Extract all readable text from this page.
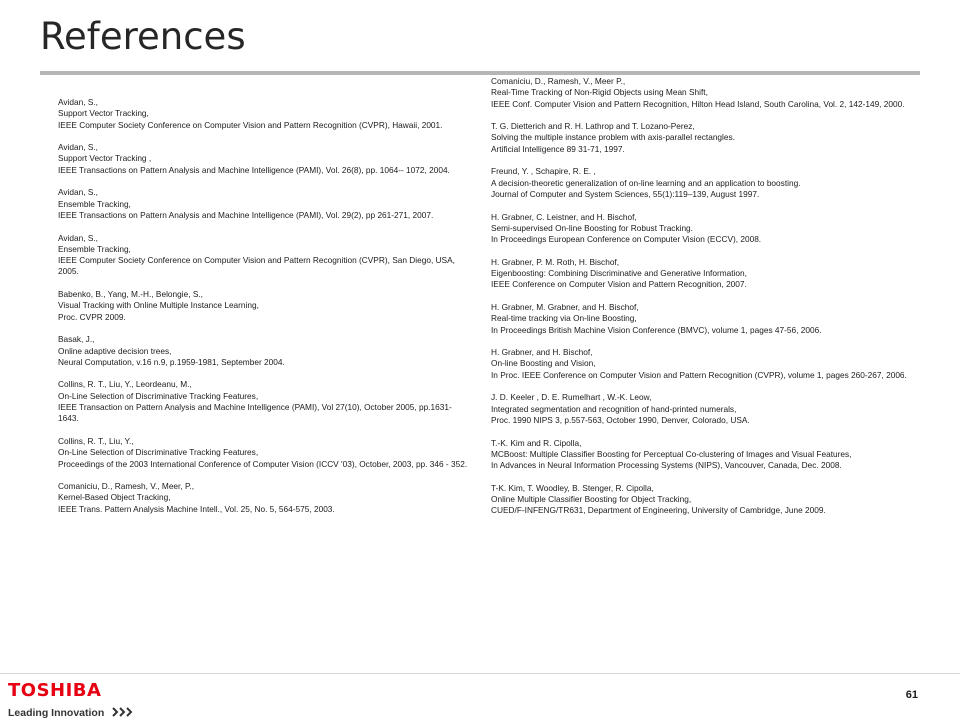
References
Avidan, S.,
Support Vector Tracking,
IEEE Computer Society Conference on Computer Vision and Pattern Recognition (CVPR), Hawaii, 2001.
Avidan, S.,
Support Vector Tracking ,
IEEE Transactions on Pattern Analysis and Machine Intelligence (PAMI), Vol. 26(8), pp. 1064-- 1072, 2004.
Avidan, S.,
Ensemble Tracking,
IEEE Transactions on Pattern Analysis and Machine Intelligence (PAMI), Vol. 29(2), pp 261-271, 2007.
Avidan, S.,
Ensemble Tracking,
IEEE Computer Society Conference on Computer Vision and Pattern Recognition (CVPR), San Diego, USA, 2005.
Babenko, B., Yang, M.-H., Belongie, S.,
Visual Tracking with Online Multiple Instance Learning,
Proc. CVPR 2009.
Basak, J.,
Online adaptive decision trees,
Neural Computation, v.16 n.9, p.1959-1981, September 2004.
Collins, R. T., Liu, Y., Leordeanu, M.,
On-Line Selection of Discriminative Tracking Features,
IEEE Transaction on Pattern Analysis and Machine Intelligence (PAMI), Vol 27(10), October 2005, pp.1631-1643.
Collins, R. T., Liu, Y.,
On-Line Selection of Discriminative Tracking Features,
Proceedings of the 2003 International Conference of Computer Vision (ICCV '03), October, 2003, pp. 346 - 352.
Comaniciu, D., Ramesh, V., Meer, P.,
Kernel-Based Object Tracking,
IEEE Trans. Pattern Analysis Machine Intell., Vol. 25, No. 5, 564-575, 2003.
Comaniciu, D., Ramesh, V., Meer P.,
Real-Time Tracking of Non-Rigid Objects using Mean Shift,
IEEE Conf. Computer Vision and Pattern Recognition, Hilton Head Island, South Carolina, Vol. 2, 142-149, 2000.
T. G. Dietterich and R. H. Lathrop and T. Lozano-Perez,
Solving the multiple instance problem with axis-parallel rectangles.
Artificial Intelligence 89 31-71, 1997.
Freund, Y. , Schapire, R. E. ,
A decision-theoretic generalization of on-line learning and an application to boosting.
Journal of Computer and System Sciences, 55(1):119–139, August 1997.
H. Grabner, C. Leistner, and H. Bischof,
Semi-supervised On-line Boosting for Robust Tracking.
In Proceedings European Conference on Computer Vision (ECCV), 2008.
H. Grabner, P. M. Roth, H. Bischof,
Eigenboosting: Combining Discriminative and Generative Information,
IEEE Conference on Computer Vision and Pattern Recognition, 2007.
H. Grabner, M. Grabner, and H. Bischof,
Real-time tracking via On-line Boosting,
In Proceedings British Machine Vision Conference (BMVC), volume 1, pages 47-56, 2006.
H. Grabner, and H. Bischof,
On-line Boosting and Vision,
In Proc. IEEE Conference on Computer Vision and Pattern Recognition (CVPR), volume 1, pages 260-267, 2006.
J. D. Keeler , D. E. Rumelhart , W.-K. Leow,
Integrated segmentation and recognition of hand-printed numerals,
Proc. 1990 NIPS 3, p.557-563, October 1990, Denver, Colorado, USA.
T.-K. Kim and R. Cipolla,
MCBoost: Multiple Classifier Boosting for Perceptual Co-clustering of Images and Visual Features,
In Advances in Neural Information Processing Systems (NIPS), Vancouver, Canada, Dec. 2008.
T-K. Kim, T. Woodley, B. Stenger, R. Cipolla,
Online Multiple Classifier Boosting for Object Tracking,
CUED/F-INFENG/TR631, Department of Engineering, University of Cambridge, June 2009.
TOSHIBA
Leading Innovation
61
